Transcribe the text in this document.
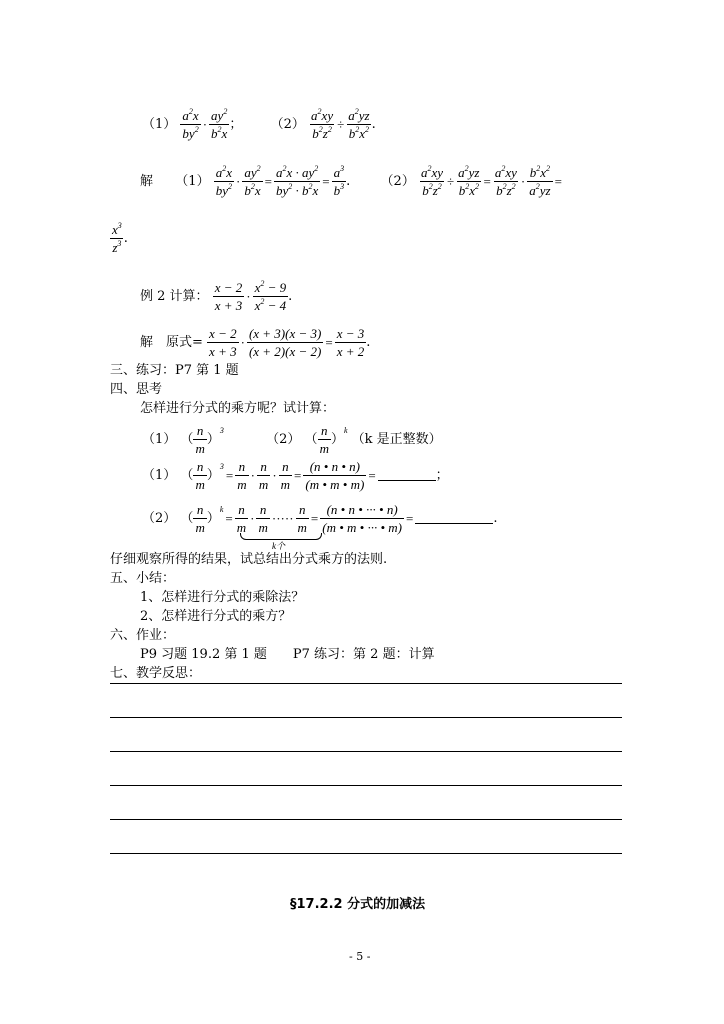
$(1) \frac{a^2x}{by^2} \cdot \frac{ay^2}{b^2x}$ ； $(2) \frac{a^2xy}{b^2z^2} \div \frac{a^2yz}{b^2x^2}$ .
解 $(1) \frac{a^2x}{by^2} \cdot \frac{ay^2}{b^2x} = \frac{a^2x \cdot ay^2}{by^2 \cdot b^2x} = \frac{a^3}{b^3}$ . $(2) \frac{a^2xy}{b^2z^2} \div \frac{a^2yz}{b^2x^2} = \frac{a^2xy}{b^2z^2} \cdot \frac{b^2x^2}{a^2yz}$ =
$\frac{x^3}{z^3}$ .
例 2 计算： $\frac{x - 2}{x + 3} \cdot \frac{x^2 - 9}{x^2 - 4}$ .
解　原式= $\frac{x - 2}{x + 3} \cdot \frac{(x + 3)(x - 3)}{(x + 2)(x - 2)} = \frac{x - 3}{x + 2}$ .
三、练习：P7 第 1 题
四、思考
怎样进行分式的乘方呢？试计算：
（1） （ $\frac{n}{m} )^3$  （2） （ $\frac{n}{m} )^k$ （k 是正整数）
（1） （ $\frac{n}{m} )^3= \frac{n}{m} \cdot \frac{n}{m} \cdot \frac{n}{m} = \frac{(n • n • n)}{(m • m • m)}$ =	；
（2） （ $\frac{n}{m} )^k= \frac{n}{m} \cdot \frac{n}{m}$ ····· $\frac{n}{m} = \frac{(n • n • \cdot\cdot\cdot • n)}{(m • m • \cdot\cdot\cdot • m)}$ =	.
k个
仔细观察所得的结果，试总结出分式乘方的法则.
五、小结：
1、怎样进行分式的乘除法？
2、怎样进行分式的乘方？
六、作业：
P9 习题 19.2 第 1 题　　P7 练习：第 2 题：计算
七、教学反思：
§17.2.2 分式的加减法
- 5 -
